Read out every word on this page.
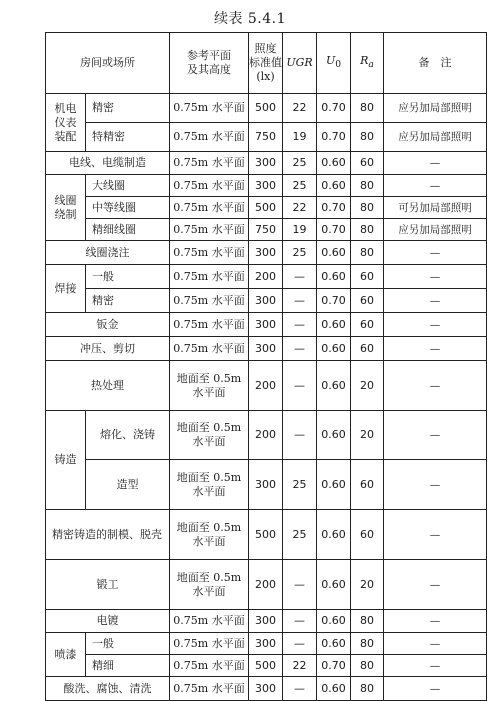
续表 5.4.1
房间或场所		参考平面
及其高度	照度
标准值
(lx)	UGR	$U_0$	$R_a$	备　注
机电
仪表
装配	精密	0.75m 水平面	500	22	0.70	80	应另加局部照明
	特精密	0.75m 水平面	750	19	0.70	80	应另加局部照明
电线、电缆制造		0.75m 水平面	300	25	0.60	60	—
线圈
绕制	大线圈	0.75m 水平面	300	25	0.60	80	—
	中等线圈	0.75m 水平面	500	22	0.70	80	可另加局部照明
	精细线圈	0.75m 水平面	750	19	0.70	80	应另加局部照明
线圈浇注		0.75m 水平面	300	25	0.60	80	—
焊接	一般	0.75m 水平面	200	—	0.60	60	—
	精密	0.75m 水平面	300	—	0.70	60	—
钣金		0.75m 水平面	300	—	0.60	60	—
冲压、剪切		0.75m 水平面	300	—	0.60	60	—
热处理		地面至 0.5m
水平面	200	—	0.60	20	—
铸造	熔化、浇铸	地面至 0.5m
水平面	200	—	0.60	20	—
	造型	地面至 0.5m
水平面	300	25	0.60	60	—
精密铸造的制模、脱壳		地面至 0.5m
水平面	500	25	0.60	60	—
锻工		地面至 0.5m
水平面	200	—	0.60	20	—
电镀		0.75m 水平面	300	—	0.60	80	—
喷漆	一般	0.75m 水平面	300	—	0.60	80	—
	精细	0.75m 水平面	500	22	0.70	80	—
酸洗、腐蚀、清洗		0.75m 水平面	300	—	0.60	80	—
